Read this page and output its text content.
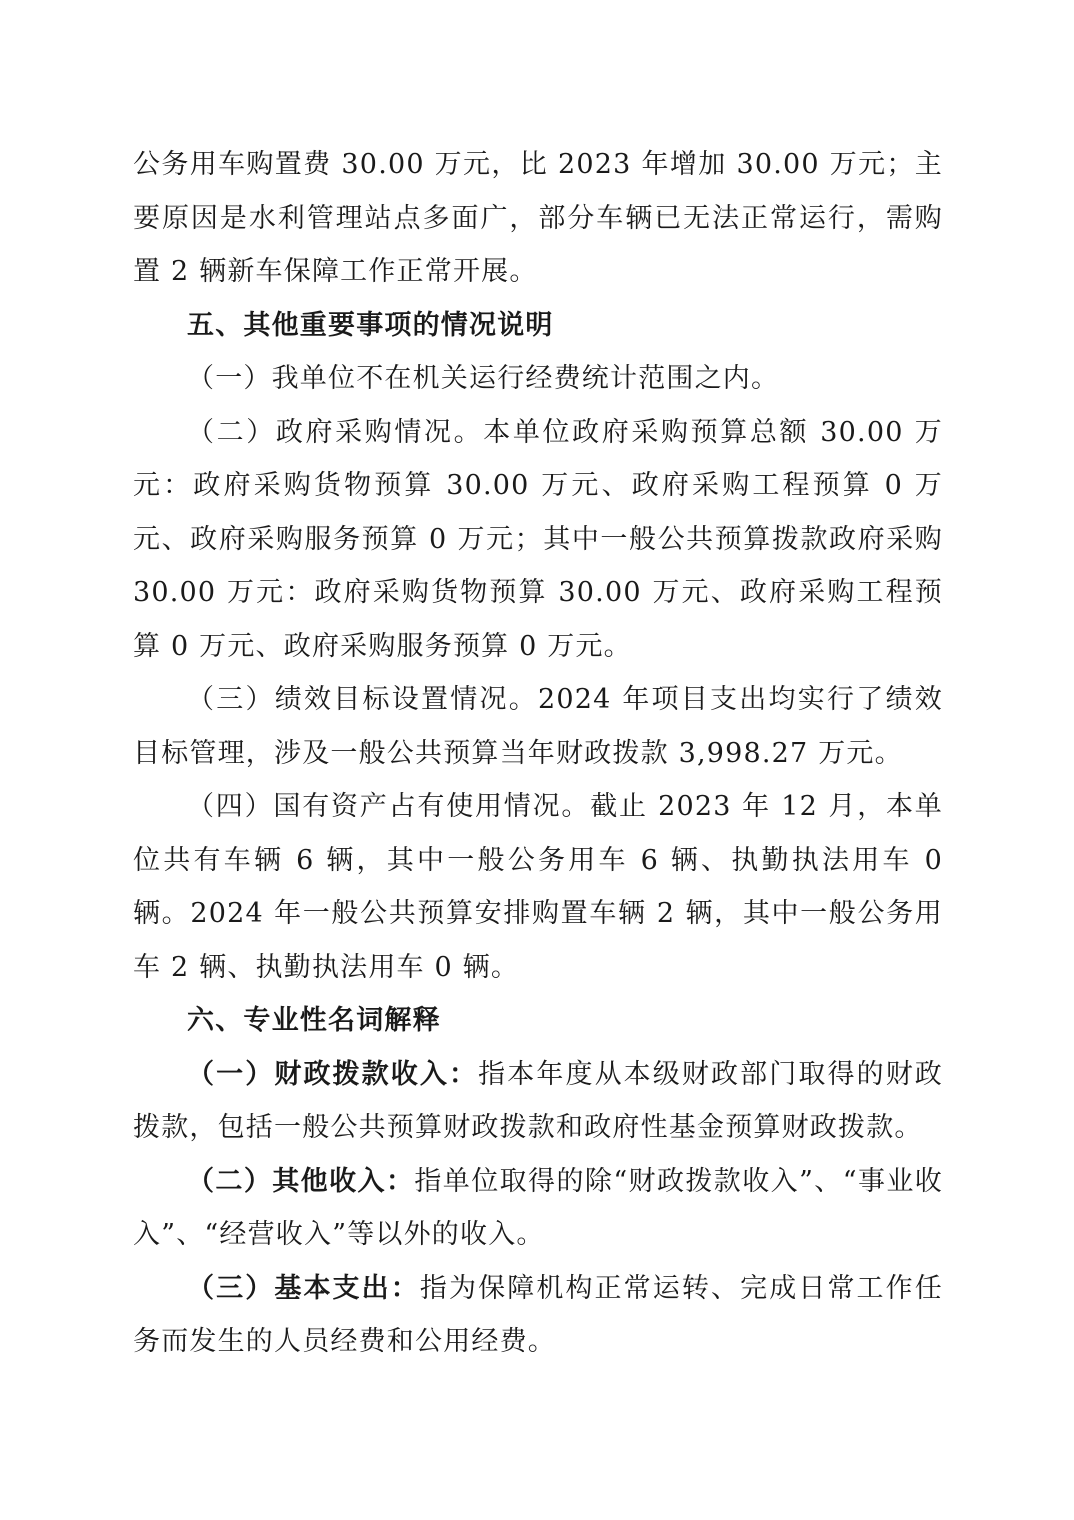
公务用车购置费 30.00 万元，比 2023 年增加 30.00 万元；主要原因是水利管理站点多面广，部分车辆已无法正常运行，需购置 2 辆新车保障工作正常开展。

五、其他重要事项的情况说明

（一）我单位不在机关运行经费统计范围之内。

（二）政府采购情况。本单位政府采购预算总额 30.00 万元：政府采购货物预算 30.00 万元、政府采购工程预算 0 万元、政府采购服务预算 0 万元；其中一般公共预算拨款政府采购 30.00 万元：政府采购货物预算 30.00 万元、政府采购工程预算 0 万元、政府采购服务预算 0 万元。

（三）绩效目标设置情况。2024 年项目支出均实行了绩效目标管理，涉及一般公共预算当年财政拨款 3,998.27 万元。

（四）国有资产占有使用情况。截止 2023 年 12 月，本单位共有车辆 6 辆，其中一般公务用车 6 辆、执勤执法用车 0 辆。2024 年一般公共预算安排购置车辆 2 辆，其中一般公务用车 2 辆、执勤执法用车 0 辆。

六、专业性名词解释

（一）财政拨款收入：指本年度从本级财政部门取得的财政拨款，包括一般公共预算财政拨款和政府性基金预算财政拨款。

（二）其他收入：指单位取得的除“财政拨款收入”、“事业收入”、“经营收入”等以外的收入。

（三）基本支出：指为保障机构正常运转、完成日常工作任务而发生的人员经费和公用经费。
